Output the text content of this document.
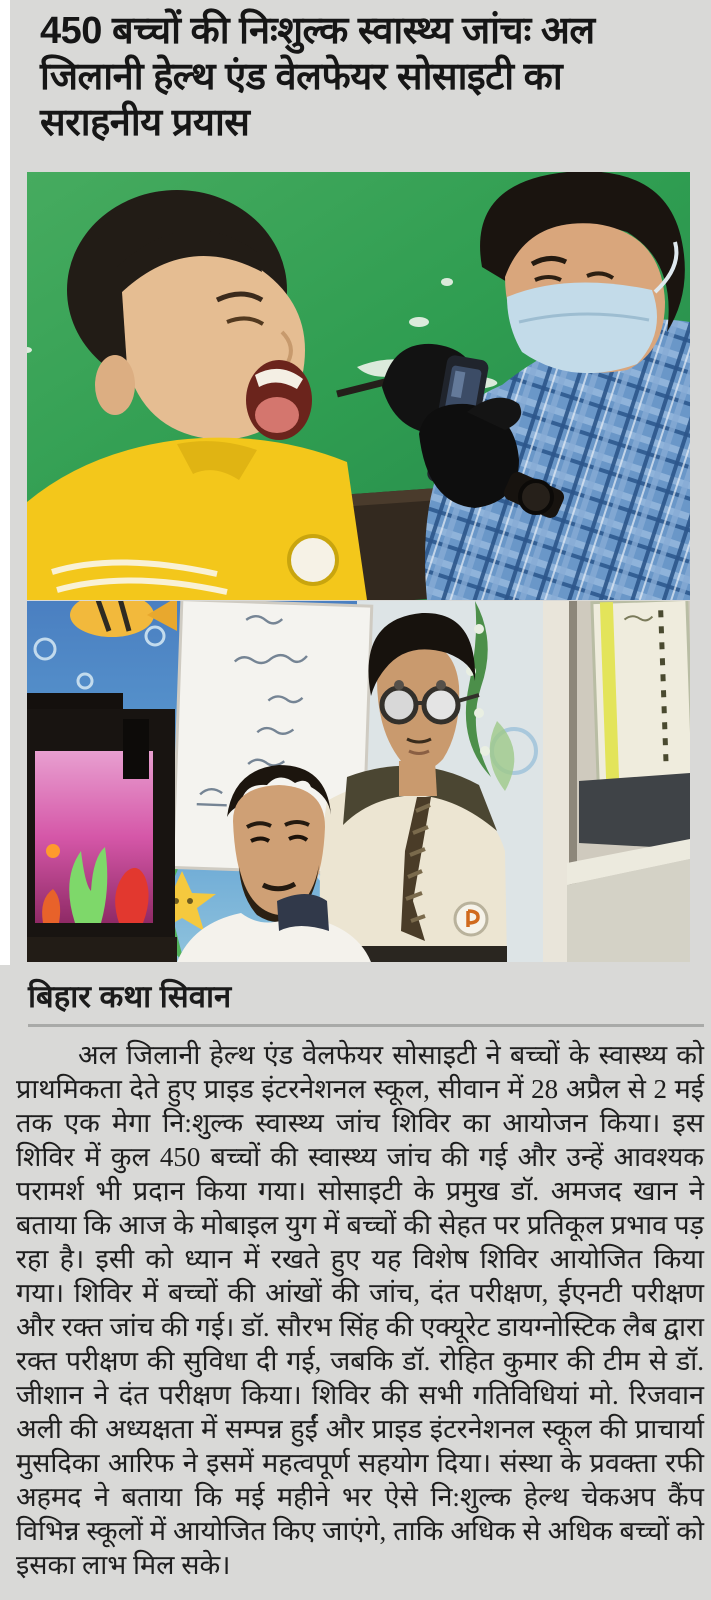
450 बच्चों की निःशुल्क स्वास्थ्य जांचः अल जिलानी हेल्थ एंड वेलफेयर सोसाइटी का सराहनीय प्रयास
बिहार कथा सिवान

अल जिलानी हेल्थ एंड वेलफेयर सोसाइटी ने बच्चों के स्वास्थ्य को प्राथमिकता देते हुए प्राइड इंटरनेशनल स्कूल, सीवान में 28 अप्रैल से 2 मई तक एक मेगा नि:शुल्क स्वास्थ्य जांच शिविर का आयोजन किया। इस शिविर में कुल 450 बच्चों की स्वास्थ्य जांच की गई और उन्हें आवश्यक परामर्श भी प्रदान किया गया। सोसाइटी के प्रमुख डॉ. अमजद खान ने बताया कि आज के मोबाइल युग में बच्चों की सेहत पर प्रतिकूल प्रभाव पड़ रहा है। इसी को ध्यान में रखते हुए यह विशेष शिविर आयोजित किया गया। शिविर में बच्चों की आंखों की जांच, दंत परीक्षण, ईएनटी परीक्षण और रक्त जांच की गई। डॉ. सौरभ सिंह की एक्यूरेट डायग्नोस्टिक लैब द्वारा रक्त परीक्षण की सुविधा दी गई, जबकि डॉ. रोहित कुमार की टीम से डॉ. जीशान ने दंत परीक्षण किया। शिविर की सभी गतिविधियां मो. रिजवान अली की अध्यक्षता में सम्पन्न हुईं और प्राइड इंटरनेशनल स्कूल की प्राचार्या मुसदिका आरिफ ने इसमें महत्वपूर्ण सहयोग दिया। संस्था के प्रवक्ता रफी अहमद ने बताया कि मई महीने भर ऐसे नि:शुल्क हेल्थ चेकअप कैंप विभिन्न स्कूलों में आयोजित किए जाएंगे, ताकि अधिक से अधिक बच्चों को इसका लाभ मिल सके।
